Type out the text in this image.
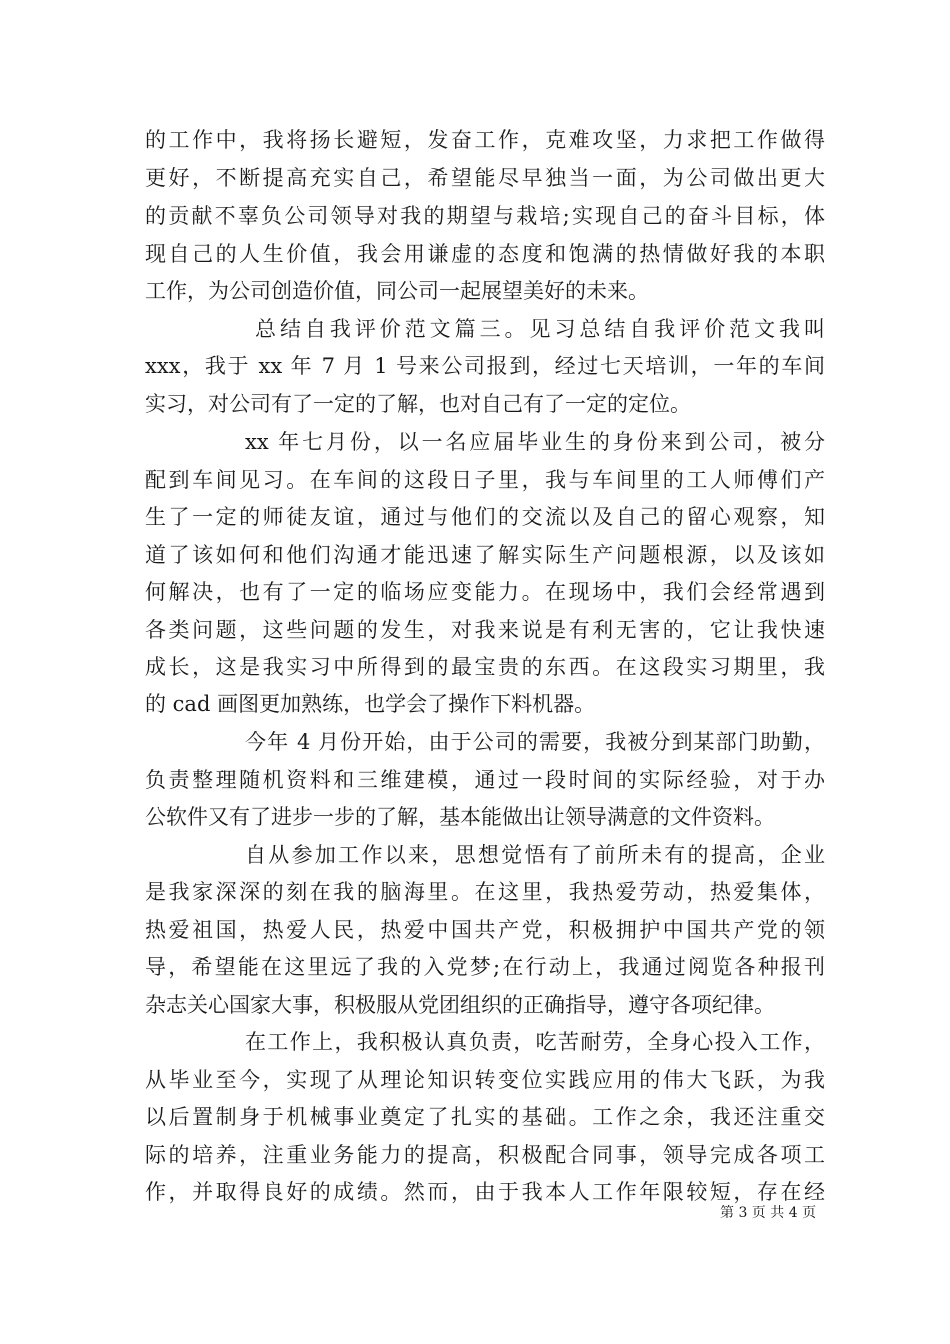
的工作中，我将扬长避短，发奋工作，克难攻坚，力求把工作做得
更好，不断提高充实自己，希望能尽早独当一面，为公司做出更大
的贡献不辜负公司领导对我的期望与栽培;实现自己的奋斗目标，体
现自己的人生价值，我会用谦虚的态度和饱满的热情做好我的本职
工作，为公司创造价值，同公司一起展望美好的未来。
总结自我评价范文篇三。见习总结自我评价范文我叫
xxx，我于 xx 年 7 月 1 号来公司报到，经过七天培训，一年的车间
实习，对公司有了一定的了解，也对自己有了一定的定位。
xx 年七月份，以一名应届毕业生的身份来到公司，被分
配到车间见习。在车间的这段日子里，我与车间里的工人师傅们产
生了一定的师徒友谊，通过与他们的交流以及自己的留心观察，知
道了该如何和他们沟通才能迅速了解实际生产问题根源，以及该如
何解决，也有了一定的临场应变能力。在现场中，我们会经常遇到
各类问题，这些问题的发生，对我来说是有利无害的，它让我快速
成长，这是我实习中所得到的最宝贵的东西。在这段实习期里，我
的 cad 画图更加熟练，也学会了操作下料机器。
今年 4 月份开始，由于公司的需要，我被分到某部门助勤，
负责整理随机资料和三维建模，通过一段时间的实际经验，对于办
公软件又有了进步一步的了解，基本能做出让领导满意的文件资料。
自从参加工作以来，思想觉悟有了前所未有的提高，企业
是我家深深的刻在我的脑海里。在这里，我热爱劳动，热爱集体，
热爱祖国，热爱人民，热爱中国共产党，积极拥护中国共产党的领
导，希望能在这里远了我的入党梦;在行动上，我通过阅览各种报刊
杂志关心国家大事，积极服从党团组织的正确指导，遵守各项纪律。
在工作上，我积极认真负责，吃苦耐劳，全身心投入工作，
从毕业至今，实现了从理论知识转变位实践应用的伟大飞跃，为我
以后置制身于机械事业奠定了扎实的基础。工作之余，我还注重交
际的培养，注重业务能力的提高，积极配合同事，领导完成各项工
作，并取得良好的成绩。然而，由于我本人工作年限较短，存在经
第 3 页 共 4 页
